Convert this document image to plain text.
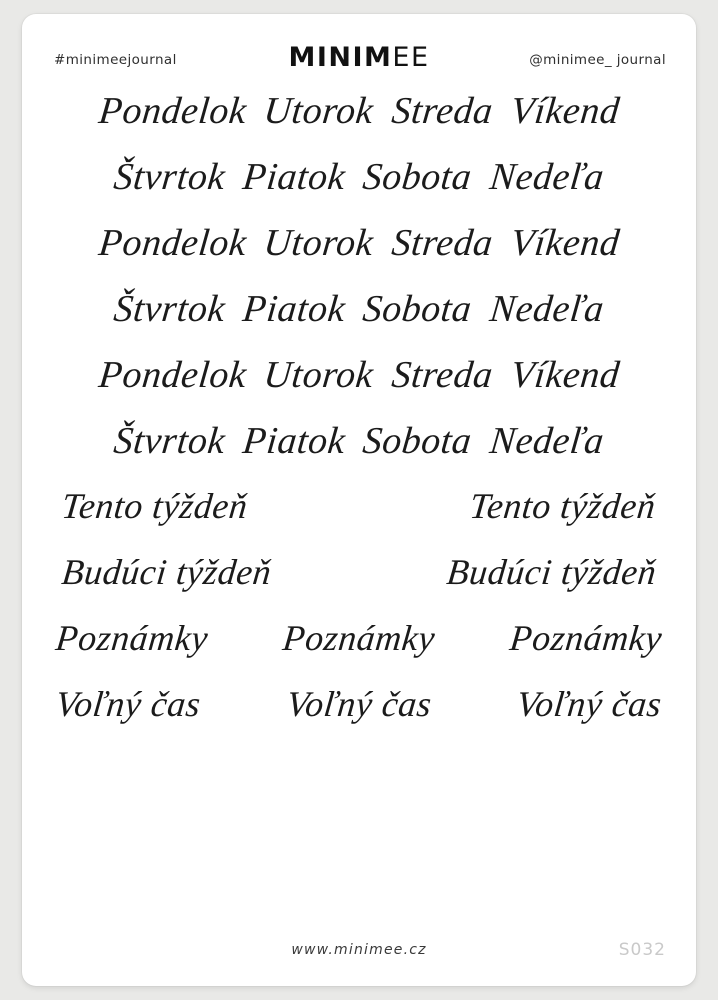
#minimeejournal	MINIMEE	@minimee_ journal
Pondelok Utorok Streda Víkend
Štvrtok Piatok Sobota Nedeľa
Pondelok Utorok Streda Víkend
Štvrtok Piatok Sobota Nedeľa
Pondelok Utorok Streda Víkend
Štvrtok Piatok Sobota Nedeľa
Tento týždeň	Tento týždeň
Budúci týždeň	Budúci týždeň
Poznámky Poznámky Poznámky
Voľný čas Voľný čas Voľný čas
www.minimee.cz	S032
